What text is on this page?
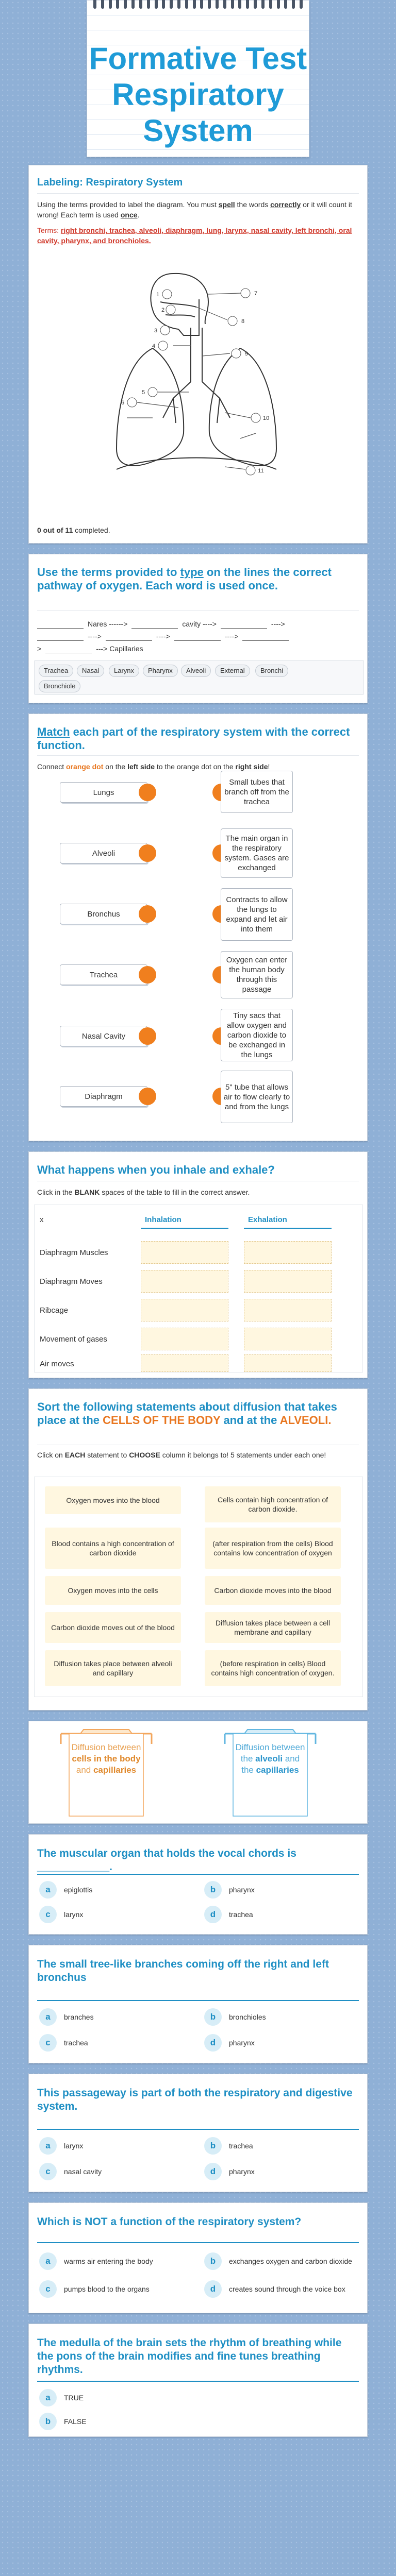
Formative Test Respiratory System
Labeling: Respiratory System
Using the terms provided to label the diagram. You must spell the words correctly or it will count it wrong! Each term is used once.
Terms: right bronchi, trachea, alveoli, diaphragm, lung, larynx, nasal cavity, left bronchi, oral cavity, pharynx, and bronchioles.
1
2
3
4
5
6
7
8
9
10
11
0 out of 11 completed.
Use the terms provided to type on the lines the correct pathway of oxygen. Each word is used once.
Nares ------>	cavity ---->	---->
---->	---->	---->
>	---> Capillaries
Trachea	Nasal	Larynx	Pharynx	Alveoli	External	Bronchi
Bronchiole
Match each part of the respiratory system with the correct function.
Connect orange dot on the left side to the orange dot on the right side!
Lungs
Small tubes that branch off from the trachea
Alveoli
The main organ in the respiratory system. Gases are exchanged
Bronchus
Contracts to allow the lungs to expand and let air into them
Trachea
Oxygen can enter the human body through this passage
Nasal Cavity
Tiny sacs that allow oxygen and carbon dioxide to be exchanged in the lungs
Diaphragm
5" tube that allows air to flow clearly to and from the lungs
What happens when you inhale and exhale?
Click in the BLANK spaces of the table to fill in the correct answer.
x	Inhalation	Exhalation
Diaphragm Muscles
Diaphragm Moves
Ribcage
Movement of gases
Air moves
Sort the following statements about diffusion that takes place at the CELLS OF THE BODY and at the ALVEOLI.
Click on EACH statement to CHOOSE column it belongs to! 5 statements under each one!
Oxygen moves into the blood	Cells contain high concentration of carbon dioxide.
Blood contains a high concentration of carbon dioxide
(after respiration from the cells) Blood contains low concentration of oxygen
Oxygen moves into the cells	Carbon dioxide moves into the blood
Carbon dioxide moves out of the blood
Diffusion takes place between a cell membrane and capillary
Diffusion takes place between alveoli and capillary
(before respiration in cells) Blood contains high concentration of oxygen.
Diffusion between cells in the body and capillaries
Diffusion between the alveoli and the capillaries
The muscular organ that holds the vocal chords is ____________.
a	epiglottis	b	pharynx
c	larynx	d	trachea
The small tree-like branches coming off the right and left bronchus
a	branches	b	bronchioles
c	trachea	d	pharynx
This passageway is part of both the respiratory and digestive system.
a	larynx	b	trachea
c	nasal cavity	d	pharynx
Which is NOT a function of the respiratory system?
a	warms air entering the body	b	exchanges oxygen and carbon dioxide
c	pumps blood to the organs	d	creates sound through the voice box
The medulla of the brain sets the rhythm of breathing while the pons of the brain modifies and fine tunes breathing rhythms.
a	TRUE
b	FALSE
